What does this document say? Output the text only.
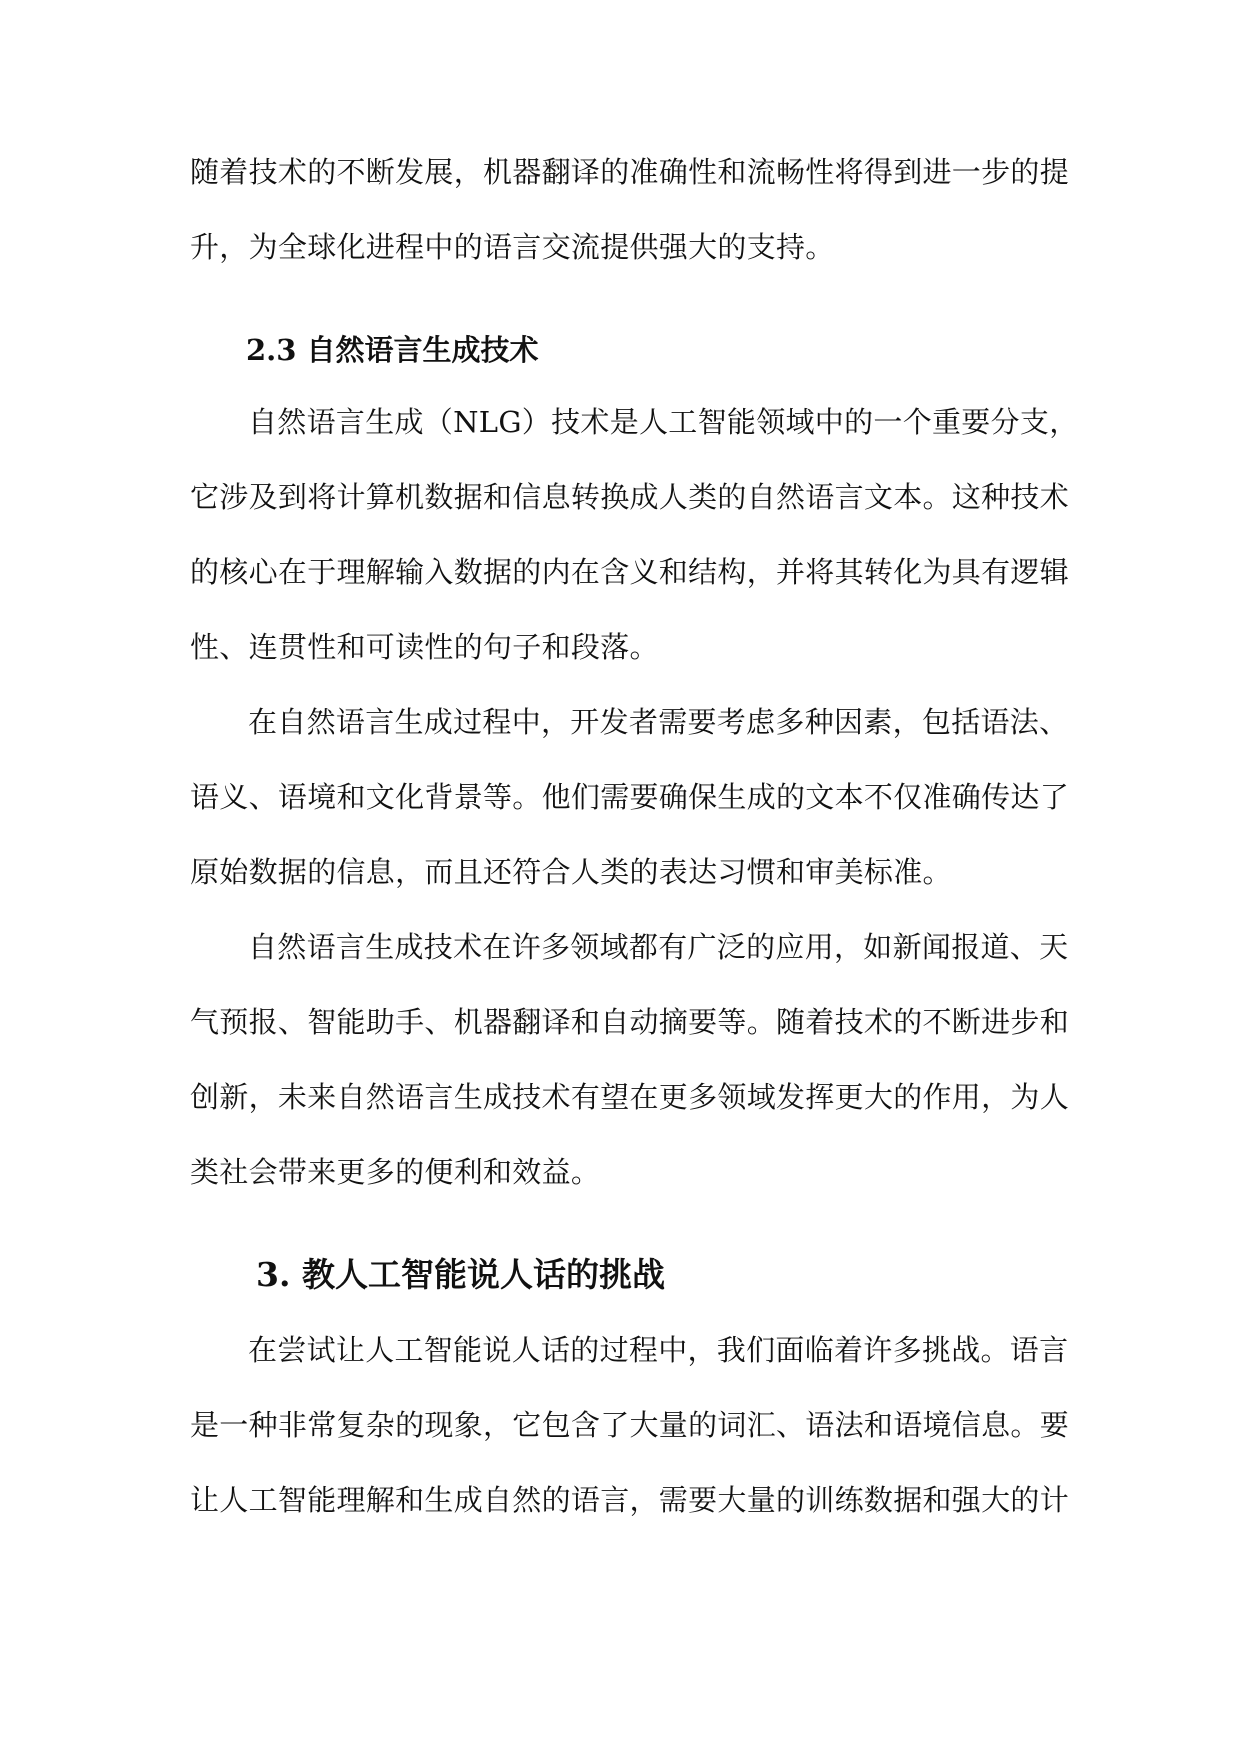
随着技术的不断发展，机器翻译的准确性和流畅性将得到进一步的提
升，为全球化进程中的语言交流提供强大的支持。
2.3 自然语言生成技术
自然语言生成（NLG）技术是人工智能领域中的一个重要分支，
它涉及到将计算机数据和信息转换成人类的自然语言文本。这种技术
的核心在于理解输入数据的内在含义和结构，并将其转化为具有逻辑
性、连贯性和可读性的句子和段落。
在自然语言生成过程中，开发者需要考虑多种因素，包括语法、
语义、语境和文化背景等。他们需要确保生成的文本不仅准确传达了
原始数据的信息，而且还符合人类的表达习惯和审美标准。
自然语言生成技术在许多领域都有广泛的应用，如新闻报道、天
气预报、智能助手、机器翻译和自动摘要等。随着技术的不断进步和
创新，未来自然语言生成技术有望在更多领域发挥更大的作用，为人
类社会带来更多的便利和效益。
3. 教人工智能说人话的挑战
在尝试让人工智能说人话的过程中，我们面临着许多挑战。语言
是一种非常复杂的现象，它包含了大量的词汇、语法和语境信息。要
让人工智能理解和生成自然的语言，需要大量的训练数据和强大的计
